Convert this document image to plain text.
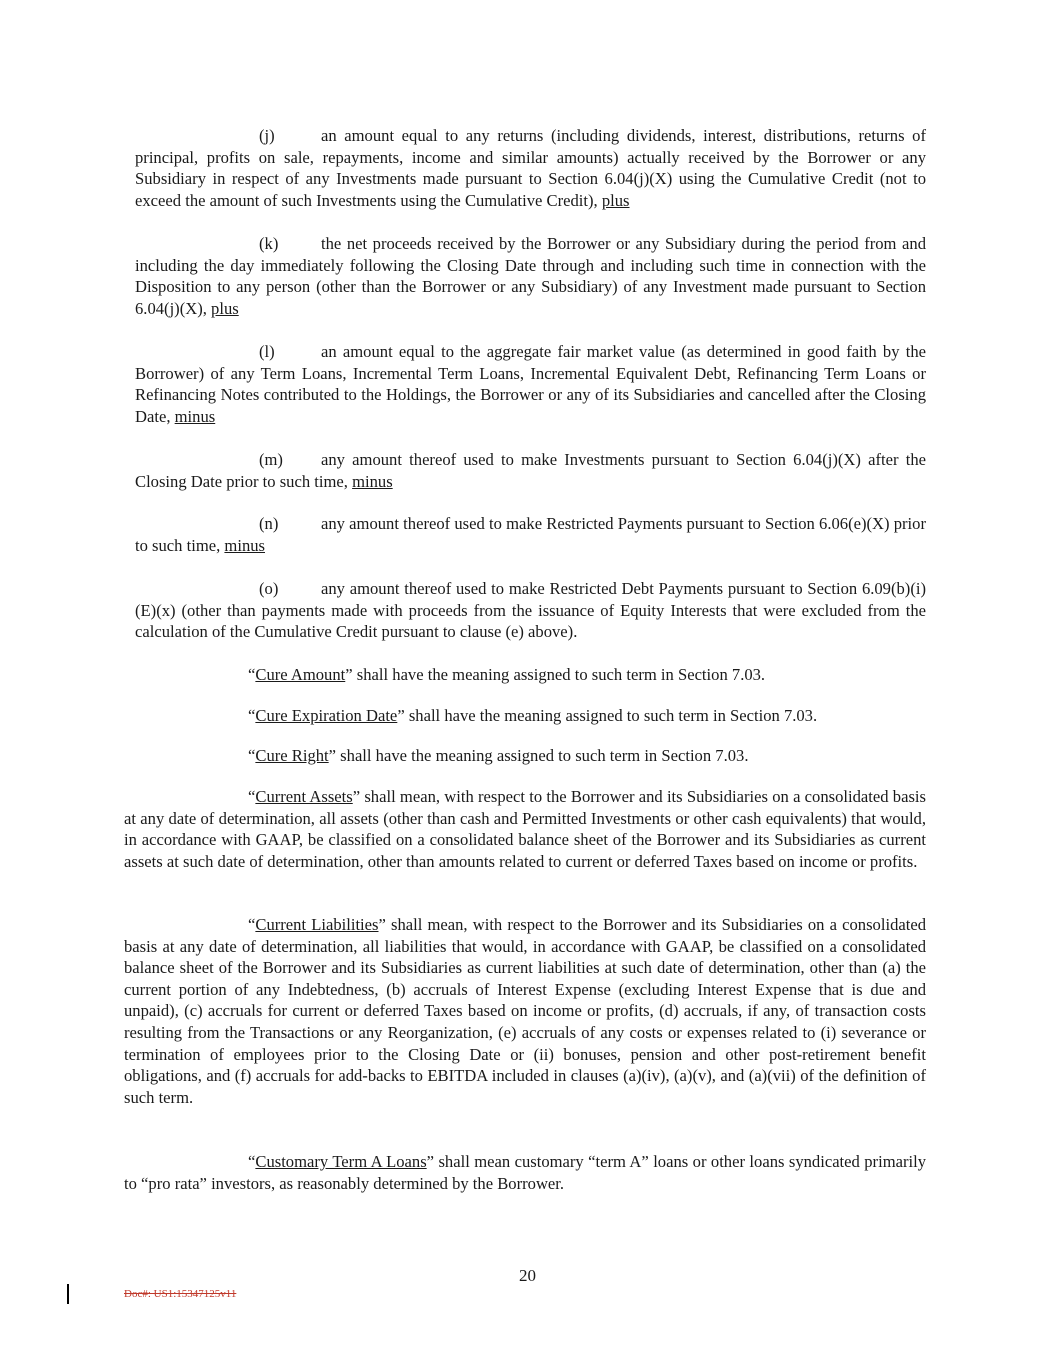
(j)	an amount equal to any returns (including dividends, interest, distributions, returns of principal, profits on sale, repayments, income and similar amounts) actually received by the Borrower or any Subsidiary in respect of any Investments made pursuant to Section 6.04(j)(X) using the Cumulative Credit (not to exceed the amount of such Investments using the Cumulative Credit), plus

(k)	the net proceeds received by the Borrower or any Subsidiary during the period from and including the day immediately following the Closing Date through and including such time in connection with the Disposition to any person (other than the Borrower or any Subsidiary) of any Investment made pursuant to Section 6.04(j)(X), plus

(l)	an amount equal to the aggregate fair market value (as determined in good faith by the Borrower) of any Term Loans, Incremental Term Loans, Incremental Equivalent Debt, Refinancing Term Loans or Refinancing Notes contributed to the Holdings, the Borrower or any of its Subsidiaries and cancelled after the Closing Date, minus

(m) any amount thereof used to make Investments pursuant to Section 6.04(j)(X) after the Closing Date prior to such time, minus

(n)	any amount thereof used to make Restricted Payments pursuant to Section 6.06(e)(X) prior to such time, minus

(o)	any amount thereof used to make Restricted Debt Payments pursuant to Section 6.09(b)(i)(E)(x) (other than payments made with proceeds from the issuance of Equity Interests that were excluded from the calculation of the Cumulative Credit pursuant to clause (e) above).

“Cure Amount” shall have the meaning assigned to such term in Section 7.03.

“Cure Expiration Date” shall have the meaning assigned to such term in Section 7.03.

“Cure Right” shall have the meaning assigned to such term in Section 7.03.

“Current Assets” shall mean, with respect to the Borrower and its Subsidiaries on a consolidated basis at any date of determination, all assets (other than cash and Permitted Investments or other cash equivalents) that would, in accordance with GAAP, be classified on a consolidated balance sheet of the Borrower and its Subsidiaries as current assets at such date of determination, other than amounts related to current or deferred Taxes based on income or profits.

“Current Liabilities” shall mean, with respect to the Borrower and its Subsidiaries on a consolidated basis at any date of determination, all liabilities that would, in accordance with GAAP, be classified on a consolidated balance sheet of the Borrower and its Subsidiaries as current liabilities at such date of determination, other than (a) the current portion of any Indebtedness, (b) accruals of Interest Expense (excluding Interest Expense that is due and unpaid), (c) accruals for current or deferred Taxes based on income or profits, (d) accruals, if any, of transaction costs resulting from the Transactions or any Reorganization, (e) accruals of any costs or expenses related to (i) severance or termination of employees prior to the Closing Date or (ii) bonuses, pension and other post-retirement benefit obligations, and (f) accruals for add-backs to EBITDA included in clauses (a)(iv), (a)(v), and (a)(vii) of the definition of such term.

“Customary Term A Loans” shall mean customary “term A” loans or other loans syndicated primarily to “pro rata” investors, as reasonably determined by the Borrower.

20
Doc#: US1:15347125v11
